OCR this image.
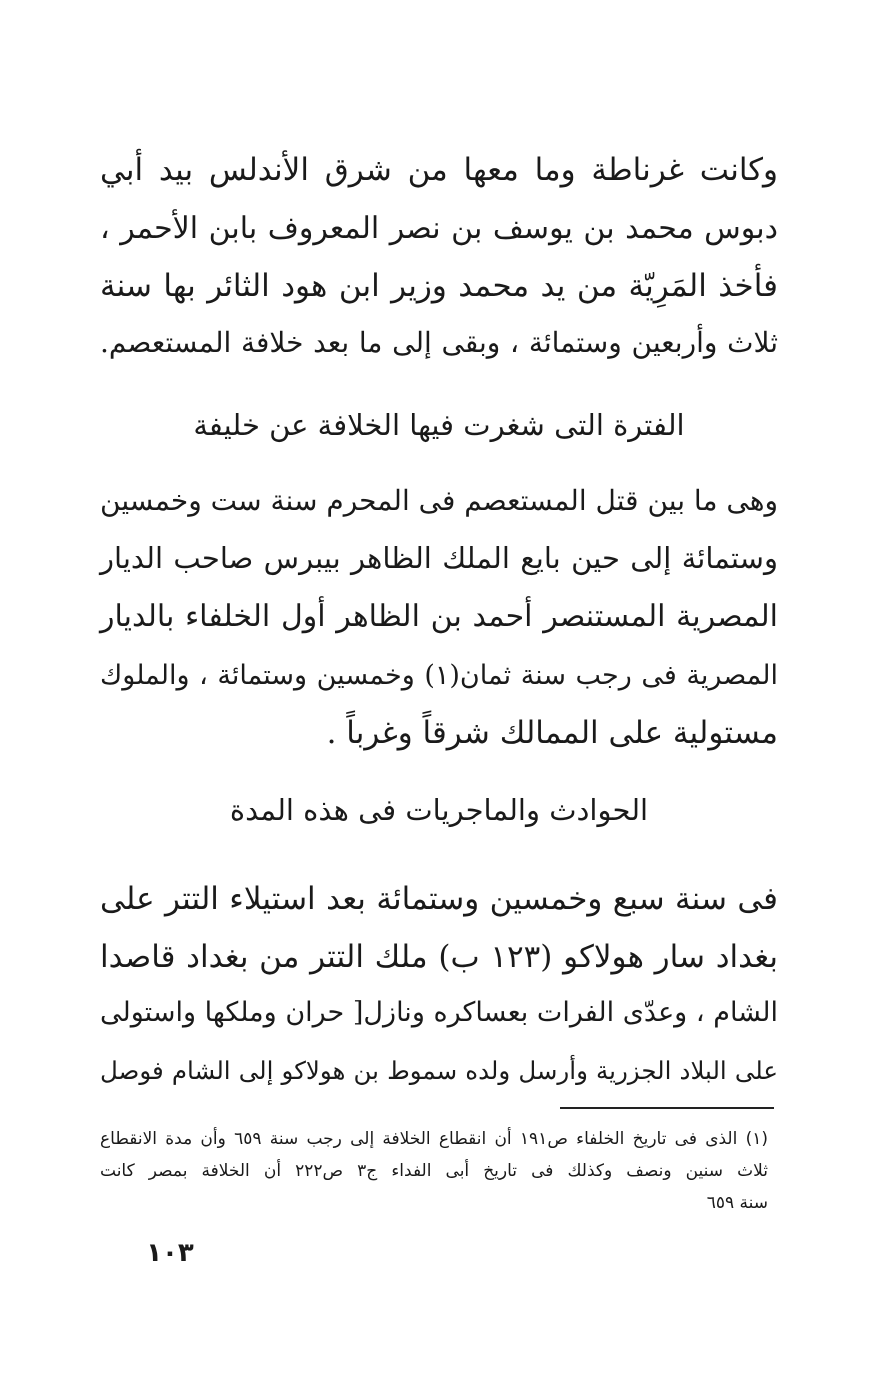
وكانت غرناطة وما معها من شرق الأندلس بيد أبي
دبوس محمد بن يوسف بن نصر المعروف بابن الأحمر ،
فأخذ المَرِيّة من يد محمد وزير ابن هود الثائر بها سنة
ثلاث وأربعين وستمائة ، وبقى إلى ما بعد خلافة المستعصم.
الفترة التى شغرت فيها الخلافة عن خليفة
وهى ما بين قتل المستعصم فى المحرم سنة ست وخمسين
وستمائة إلى حين بايع الملك الظاهر بيبرس صاحب الديار
المصرية المستنصر أحمد بن الظاهر أول الخلفاء بالديار
المصرية فى رجب سنة ثمان(١) وخمسين وستمائة ، والملوك
مستولية على الممالك شرقاً وغرباً .
الحوادث والماجريات فى هذه المدة
فى سنة سبع وخمسين وستمائة بعد استيلاء التتر على
بغداد سار هولاكو (١٢٣ ب) ملك التتر من بغداد قاصدا
الشام ، وعدّى الفرات بعساكره ونازل[ حران وملكها واستولى
على البلاد الجزرية وأرسل ولده سموط بن هولاكو إلى الشام فوصل
(١) الذى فى تاريخ الخلفاء ص١٩١ أن انقطاع الخلافة إلى رجب سنة ٦٥٩ وأن مدة الانقطاع
ثلاث سنين ونصف وكذلك فى تاريخ أبى الفداء ج٣ ص٢٢٢ أن الخلافة بمصر كانت
سنة ٦٥٩
١٠٣
